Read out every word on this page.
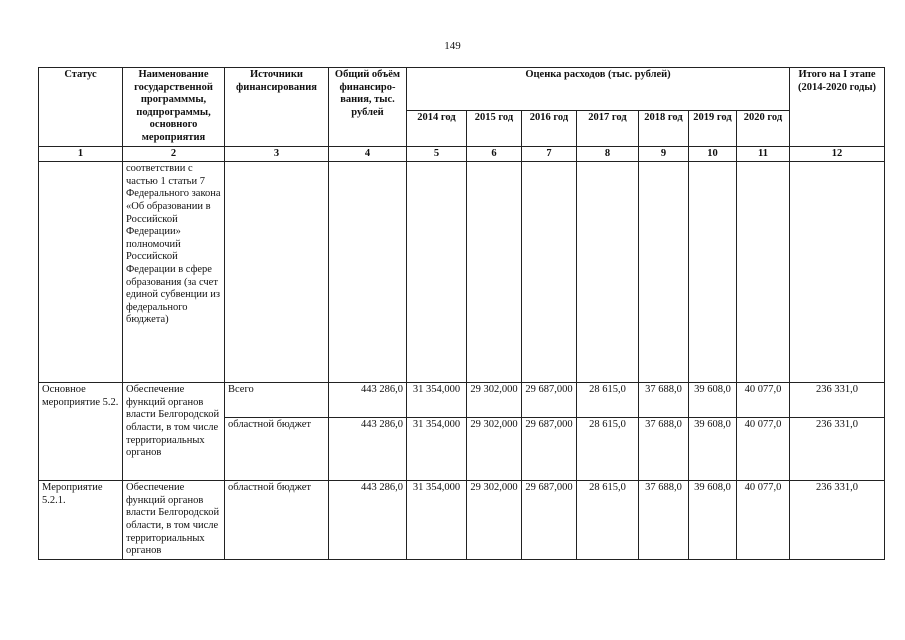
149
Статус	Наименование государственной программмы, подпрограммы, основного мероприятия	Источники финансирования	Общий объём финансиро-вания, тыс. рублей	Оценка расходов (тыс. рублей)							Итого на I этапе (2014-2020 годы)
				2014 год	2015 год	2016 год	2017 год	2018 год	2019 год	2020 год	
1	2	3	4	5	6	7	8	9	10	11	12
	соответствии с частью 1 статьи 7 Федерального закона «Об образовании в Российской Федерации» полномочий Российской Федерации в сфере образования (за счет единой субвенции из федерального бюджета)										
Основное мероприятие 5.2.	Обеспечение функций органов власти Белгородской области, в том числе территориальных органов	Всего	443 286,0	31 354,000	29 302,000	29 687,000	28 615,0	37 688,0	39 608,0	40 077,0	236 331,0
		областной бюджет	443 286,0	31 354,000	29 302,000	29 687,000	28 615,0	37 688,0	39 608,0	40 077,0	236 331,0
Мероприятие 5.2.1.	Обеспечение функций органов власти Белгородской области, в том числе территориальных органов	областной бюджет	443 286,0	31 354,000	29 302,000	29 687,000	28 615,0	37 688,0	39 608,0	40 077,0	236 331,0
